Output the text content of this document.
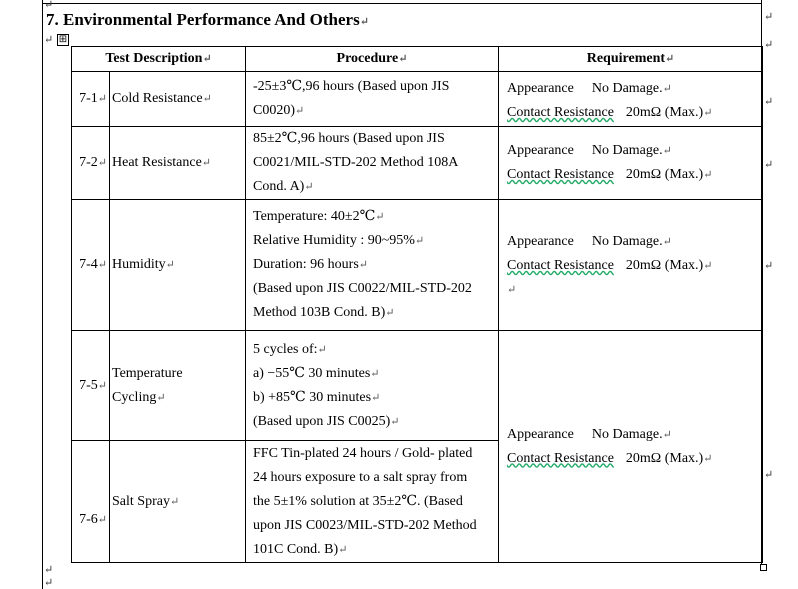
↵
↵
↵	↵
↵
↵
↵
↵
↵
↵
7. Environmental Performance And Others↵
⊞
Test Description↵		Procedure↵	Requirement↵
7-1↵	Cold Resistance↵	-25±3℃,96 hours (Based upon JIS
C0020)↵	Appearance No Damage.↵
Contact Resistance 20mΩ (Max.)↵

7-2↵	Heat Resistance↵	85±2℃,96 hours (Based upon JIS
C0021/MIL-STD-202 Method 108A
Cond. A)↵	Appearance No Damage.↵
Contact Resistance 20mΩ (Max.)↵

7-4↵	Humidity↵	Temperature: 40±2℃↵
Relative Humidity : 90~95%↵
Duration: 96 hours↵
(Based upon JIS C0022/MIL-STD-202
Method 103B Cond. B)↵	Appearance No Damage.↵
Contact Resistance 20mΩ (Max.)↵
↵

7-5↵	Temperature
Cycling↵	5 cycles of:↵
a) −55℃ 30 minutes↵
b) +85℃ 30 minutes↵
(Based upon JIS C0025)↵	Appearance No Damage.↵
Contact Resistance 20mΩ (Max.)↵

7-6↵	Salt Spray↵	FFC Tin-plated 24 hours / Gold- plated
24 hours exposure to a salt spray from
the 5±1% solution at 35±2℃. (Based
upon JIS C0023/MIL-STD-202 Method
101C Cond. B)↵	
